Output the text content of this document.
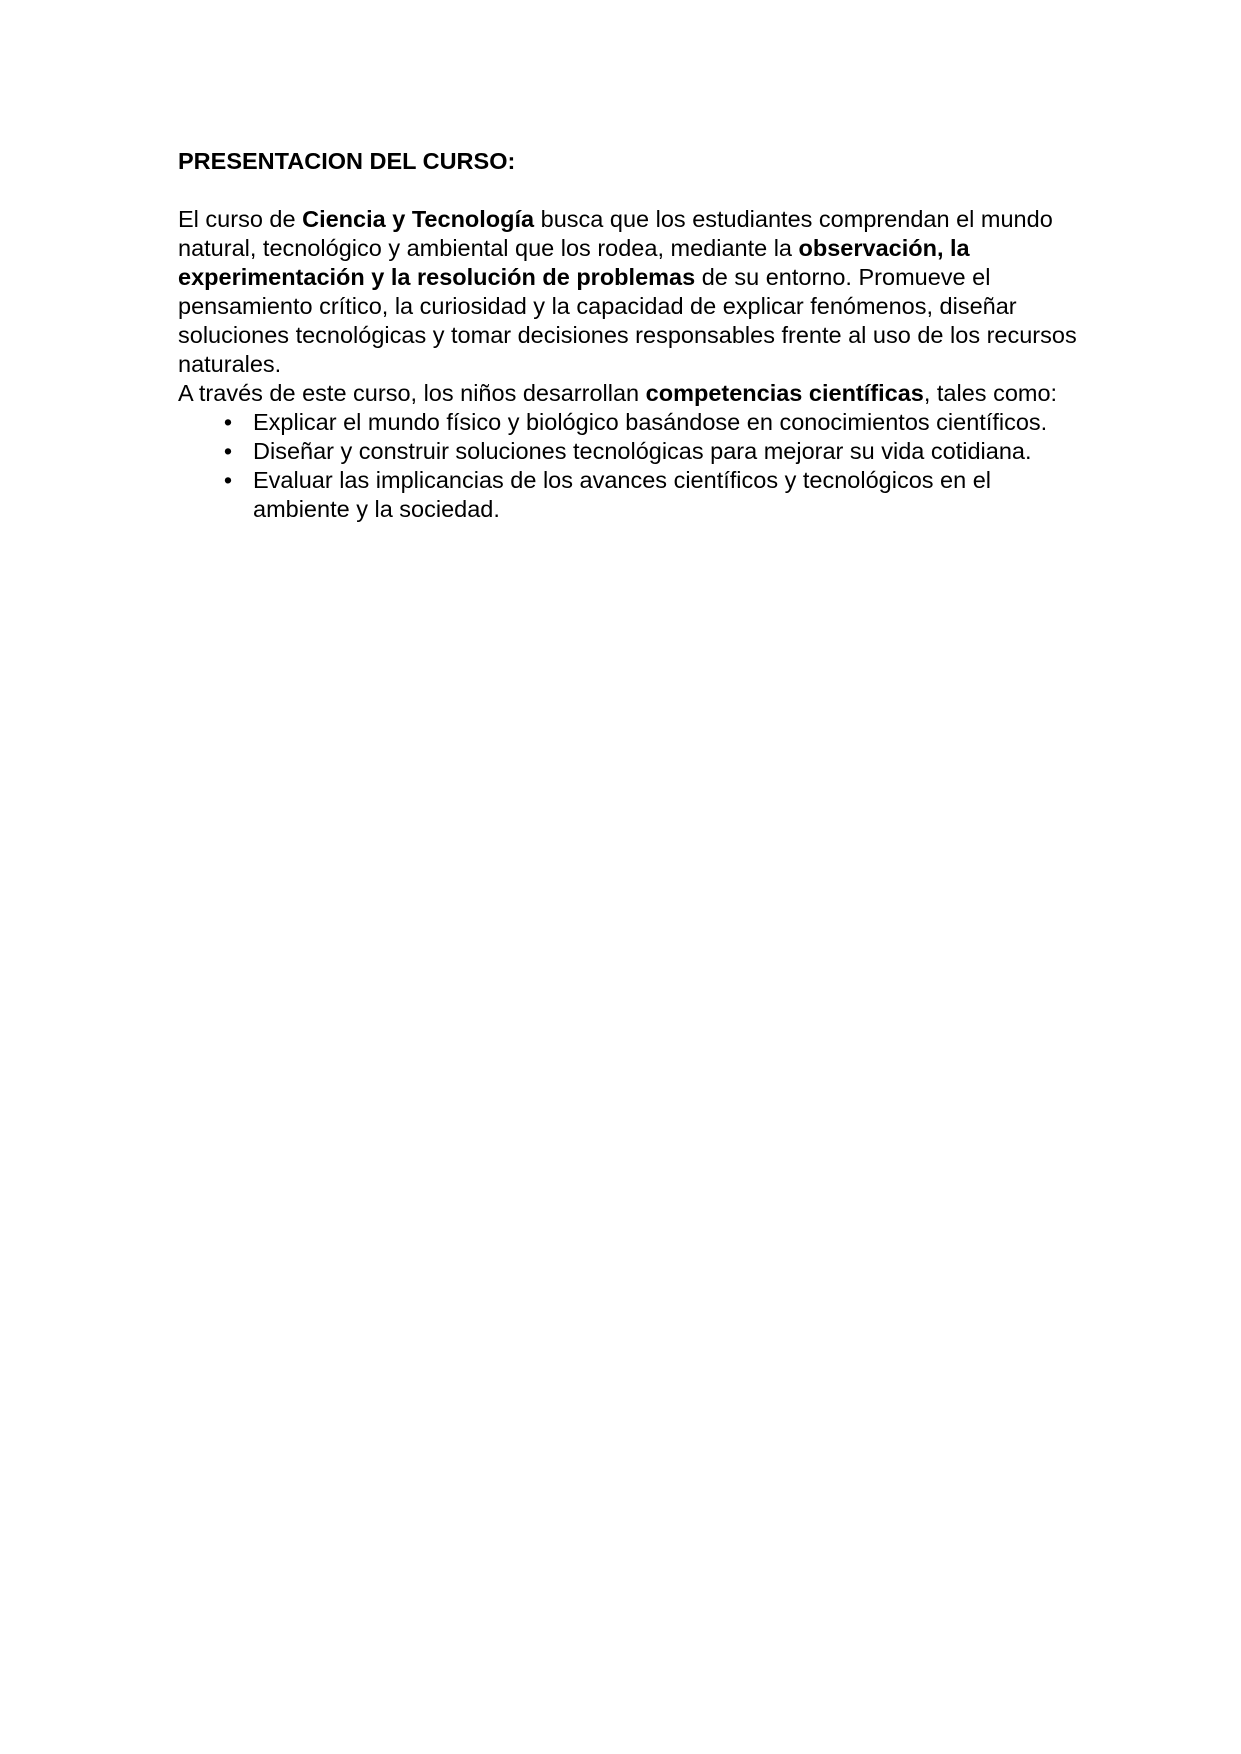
PRESENTACION DEL CURSO:

El curso de Ciencia y Tecnología busca que los estudiantes comprendan el mundo natural, tecnológico y ambiental que los rodea, mediante la observación, la experimentación y la resolución de problemas de su entorno. Promueve el pensamiento crítico, la curiosidad y la capacidad de explicar fenómenos, diseñar soluciones tecnológicas y tomar decisiones responsables frente al uso de los recursos naturales.

A través de este curso, los niños desarrollan competencias científicas, tales como:

• Explicar el mundo físico y biológico basándose en conocimientos científicos.
• Diseñar y construir soluciones tecnológicas para mejorar su vida cotidiana.
• Evaluar las implicancias de los avances científicos y tecnológicos en el ambiente y la sociedad.
